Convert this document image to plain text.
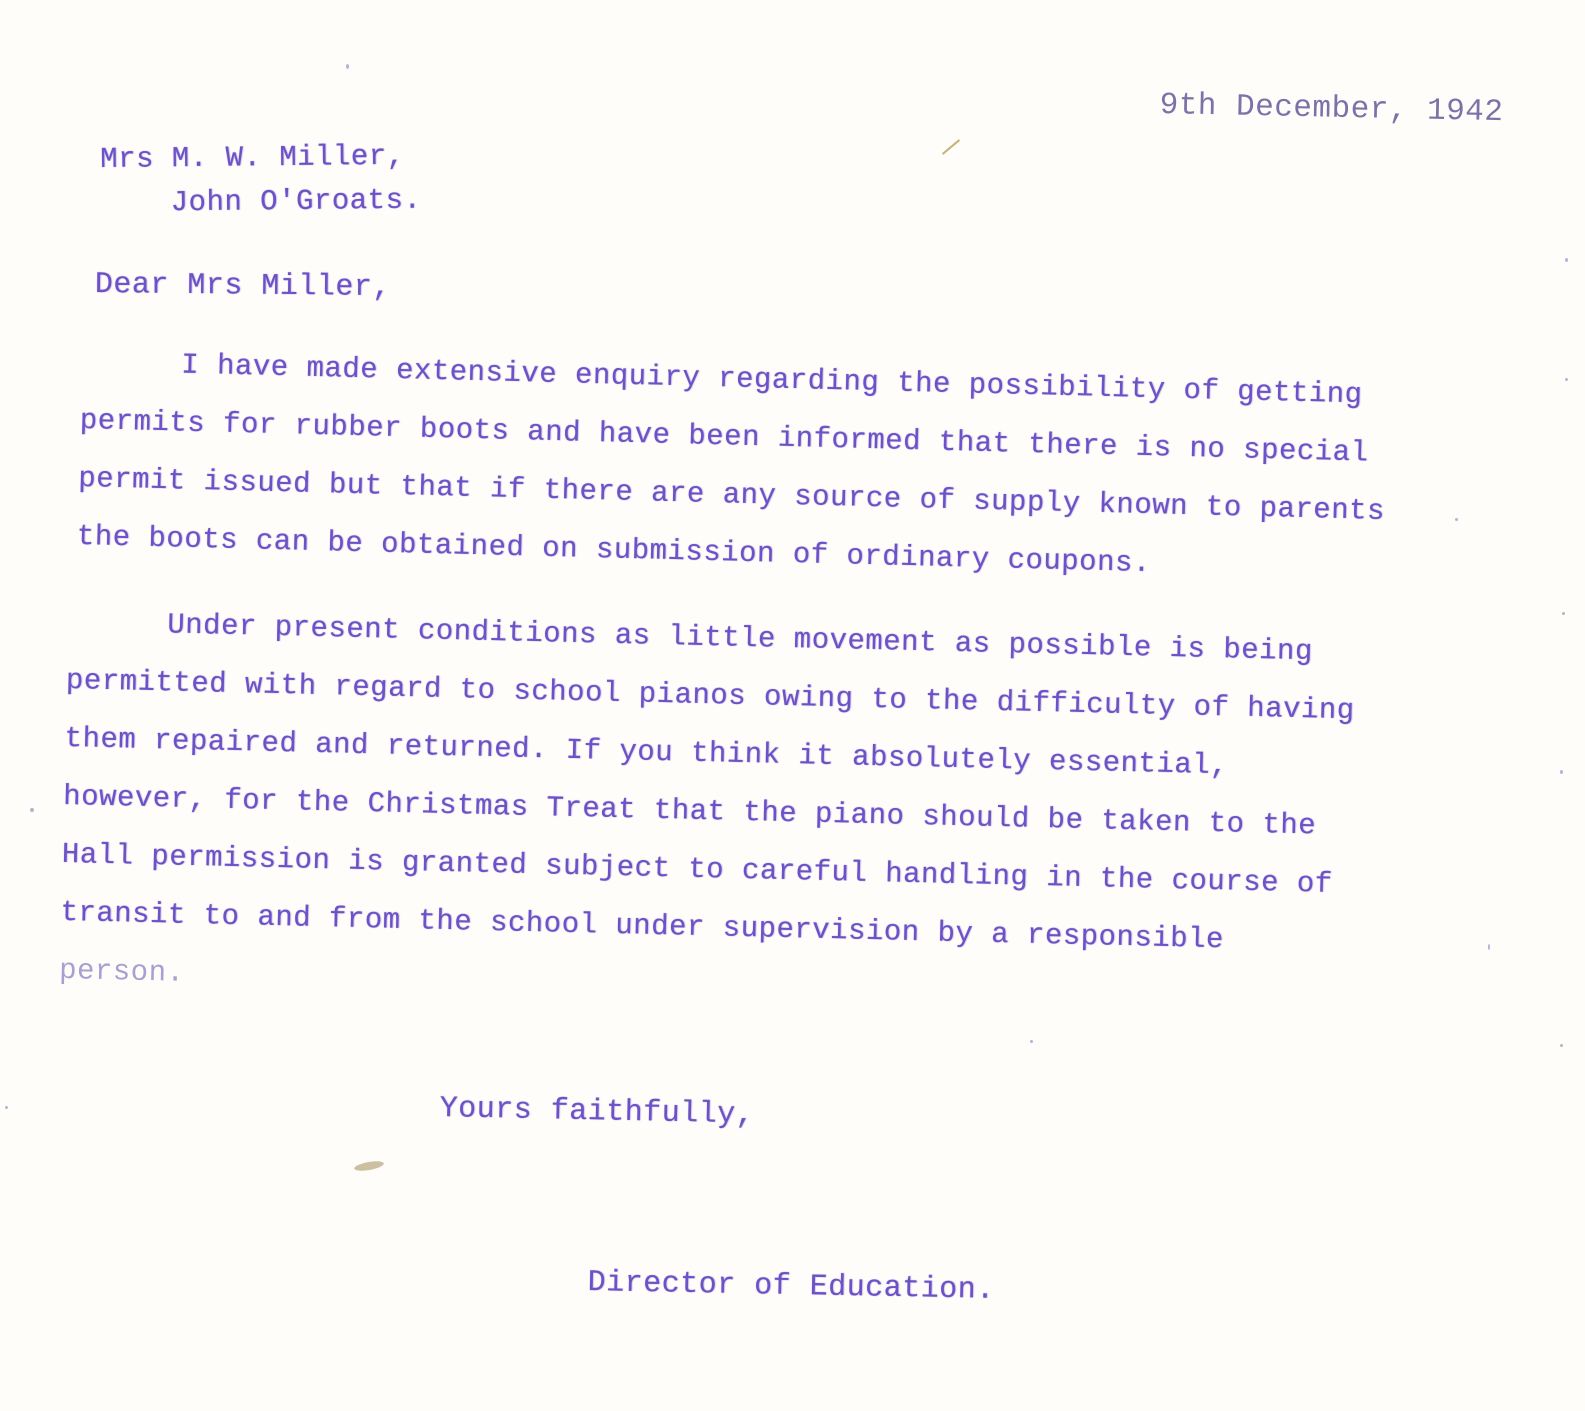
9th December, 1942
Mrs M. W. Miller,
John O'Groats.
Dear Mrs Miller,
I have made extensive enquiry regarding the possibility of getting
permits for rubber boots and have been informed that there is no special
permit issued but that if there are any source of supply known to parents
the boots can be obtained on submission of ordinary coupons.
Under present conditions as little movement as possible is being
permitted with regard to school pianos owing to the difficulty of having
them repaired and returned. If you think it absolutely essential,
however, for the Christmas Treat that the piano should be taken to the
Hall permission is granted subject to careful handling in the course of
transit to and from the school under supervision by a responsible
person.
Yours faithfully,
Director of Education.
